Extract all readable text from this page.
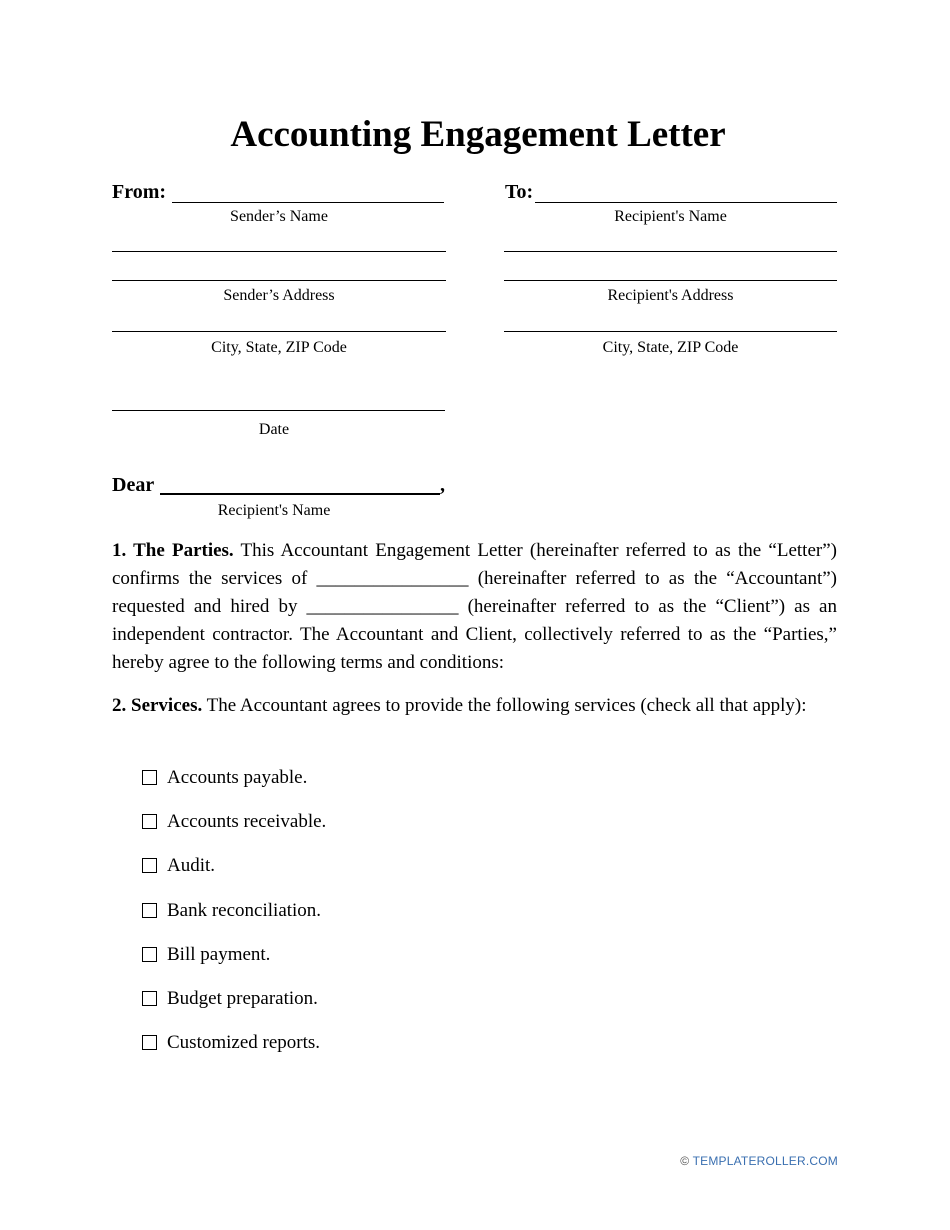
Accounting Engagement Letter
From:
Sender’s Name
Sender’s Address
City, State, ZIP Code
To:
Recipient's Name
Recipient's Address
City, State, ZIP Code
Date
Dear	,
Recipient's Name

1. The Parties. This Accountant Engagement Letter (hereinafter referred to as the “Letter”) confirms the services of ________________ (hereinafter referred to as the “Accountant”) requested and hired by ________________ (hereinafter referred to as the “Client”) as an independent contractor. The Accountant and Client, collectively referred to as the “Parties,” hereby agree to the following terms and conditions:

2. Services. The Accountant agrees to provide the following services (check all that apply):

Accounts payable.
Accounts receivable.
Audit.
Bank reconciliation.
Bill payment.
Budget preparation.
Customized reports.
© TEMPLATEROLLER.COM
